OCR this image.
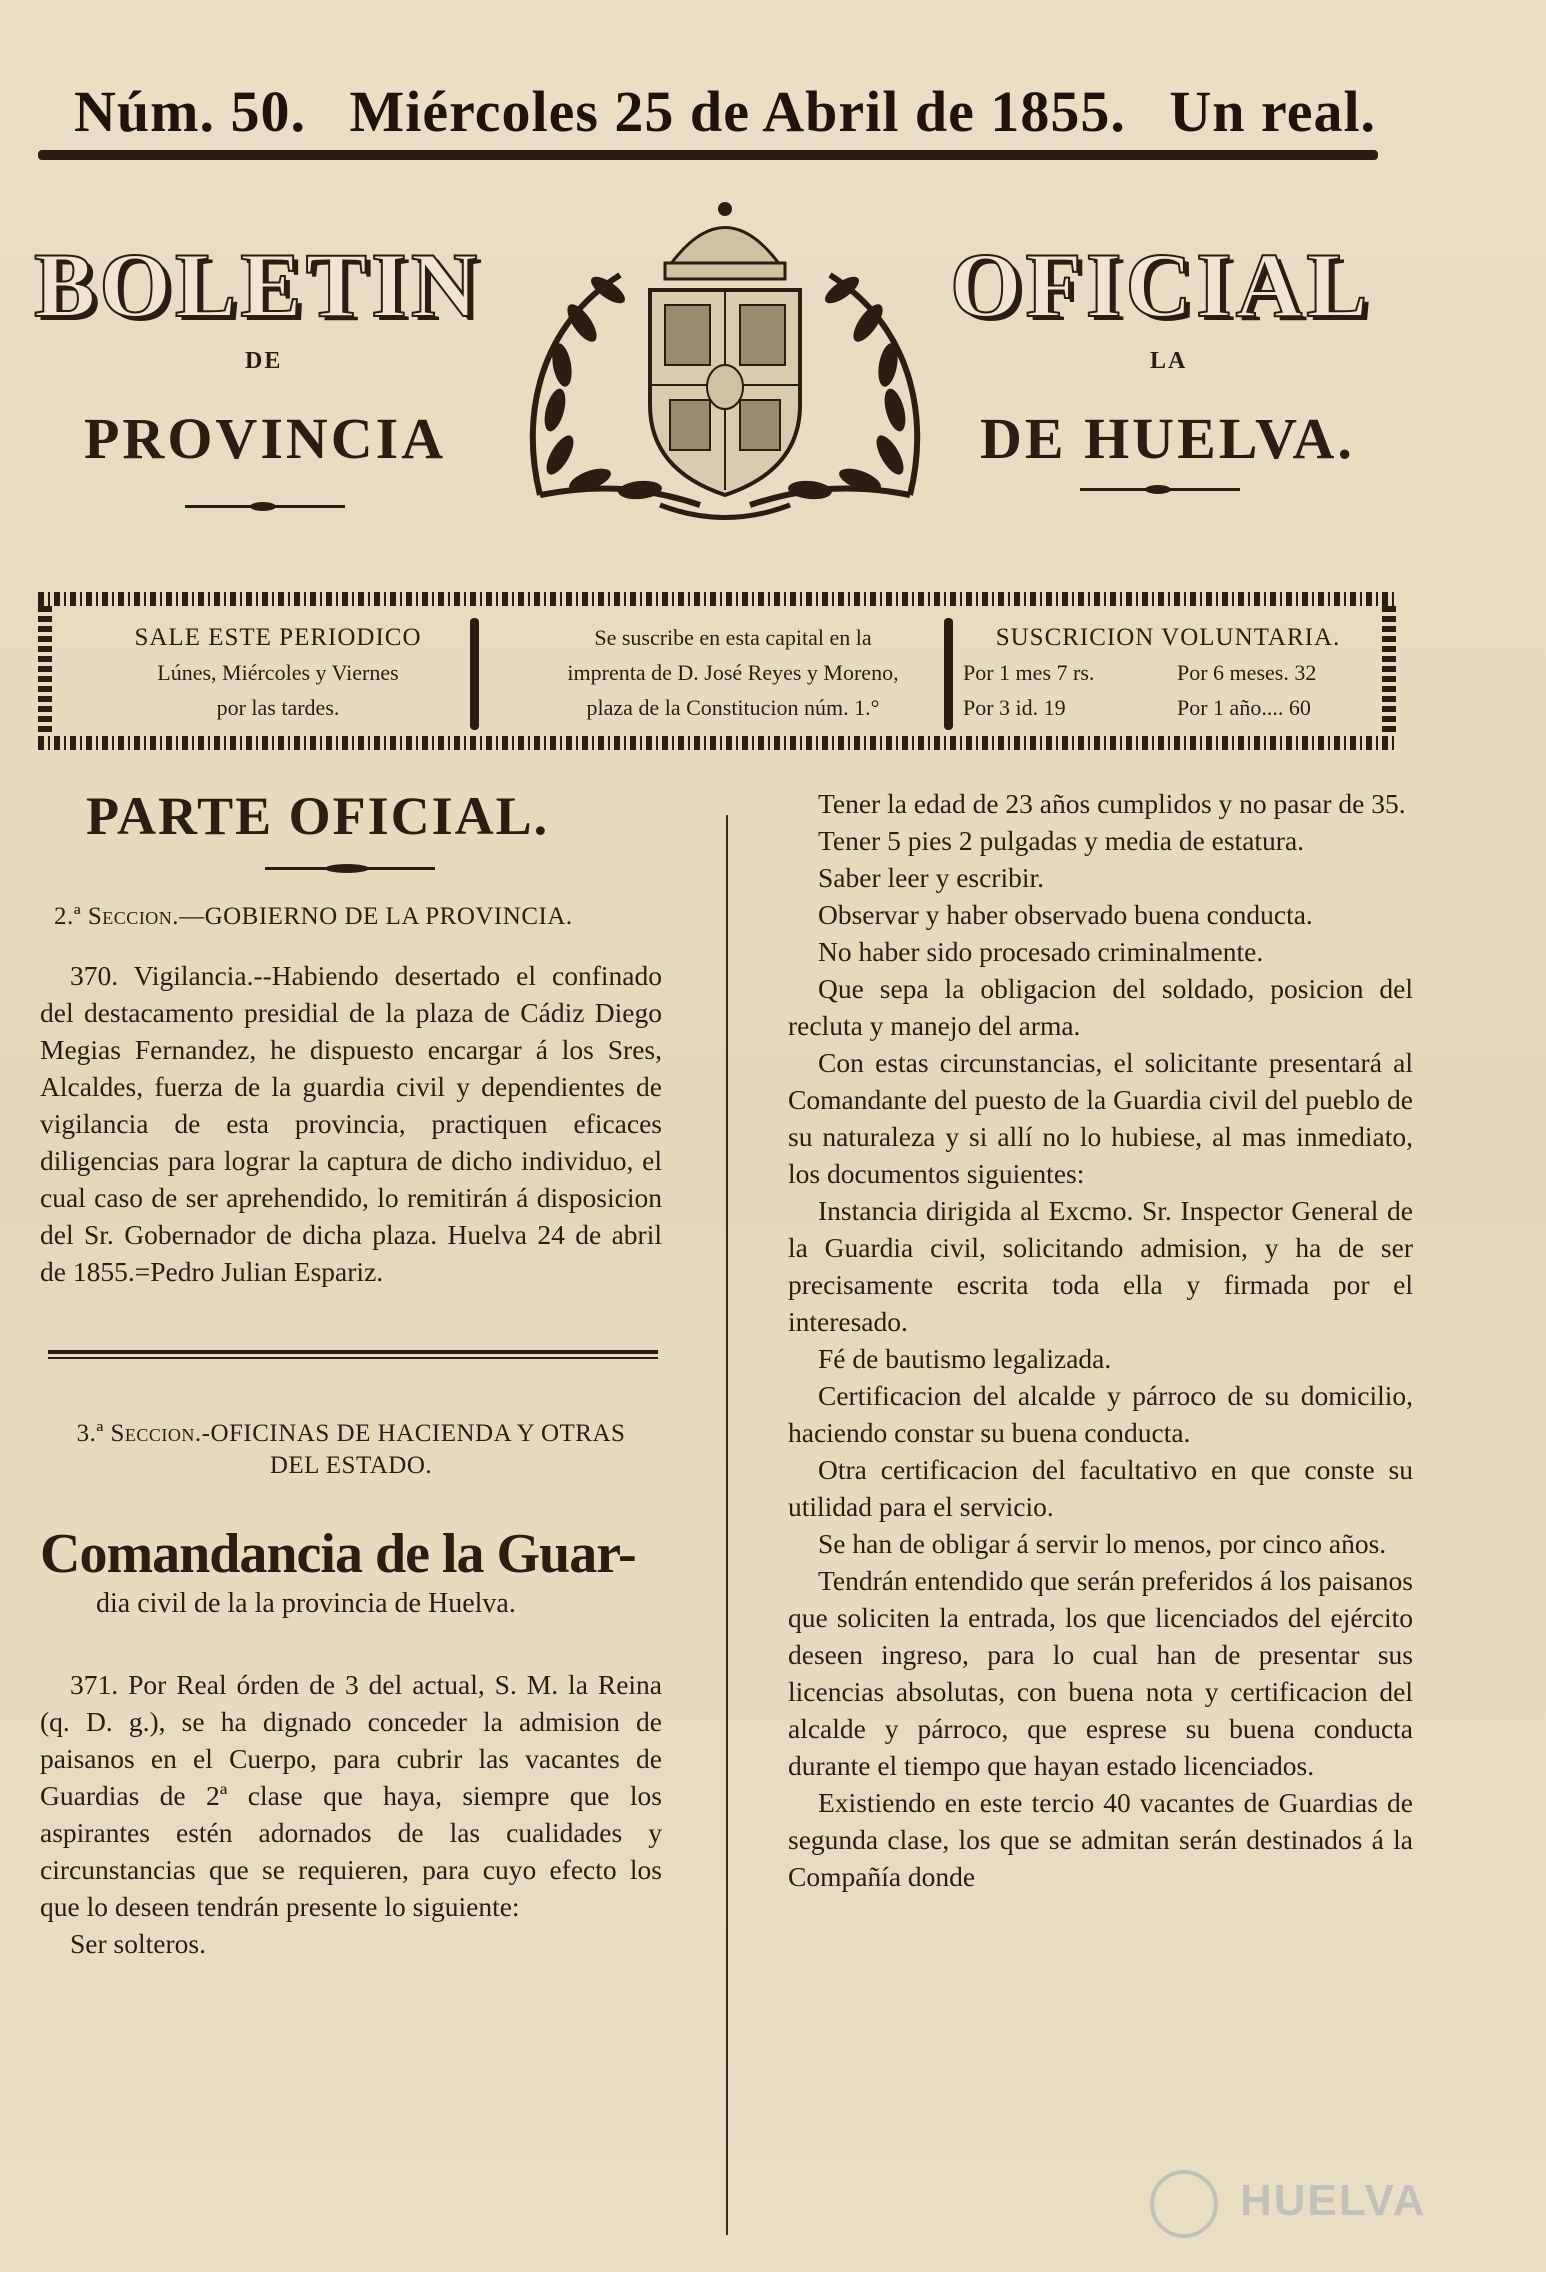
Núm. 50. Miércoles 25 de Abril de 1855. Un real.
BOLETIN	OFICIAL
DE	LA
PROVINCIA	DE HUELVA.
SALE ESTE PERIODICO
Lúnes, Miércoles y Viernes
por las tardes.
Se suscribe en esta capital en la
imprenta de D. José Reyes y Moreno,
plaza de la Constitucion núm. 1.°
SUSCRICION VOLUNTARIA.
Por 1 mes 7 rs.	Por 6 meses. 32
Por 3 id. 19	Por 1 año.... 60
PARTE OFICIAL.
2.ª Seccion.—GOBIERNO DE LA PROVINCIA.

370. Vigilancia.--Habiendo desertado el confinado del destacamento presidial de la plaza de Cádiz Diego Megias Fernandez, he dispuesto encargar á los Sres, Alcaldes, fuerza de la guardia civil y dependientes de vigilancia de esta provincia, practiquen eficaces diligencias para lograr la captura de dicho individuo, el cual caso de ser aprehendido, lo remitirán á disposicion del Sr. Gobernador de dicha plaza. Huelva 24 de abril de 1855.=Pedro Julian Espariz.

3.ª Seccion.-OFICINAS DE HACIENDA Y OTRAS DEL ESTADO.
Comandancia de la Guar-
dia civil de la la provincia de Huelva.

371. Por Real órden de 3 del actual, S. M. la Reina (q. D. g.), se ha dignado conceder la admision de paisanos en el Cuerpo, para cubrir las vacantes de Guardias de 2ª clase que haya, siempre que los aspirantes estén adornados de las cualidades y circunstancias que se requieren, para cuyo efecto los que lo deseen tendrán presente lo siguiente:

Ser solteros.

Tener la edad de 23 años cumplidos y no pasar de 35.

Tener 5 pies 2 pulgadas y media de estatura.

Saber leer y escribir.

Observar y haber observado buena conducta.

No haber sido procesado criminalmente.

Que sepa la obligacion del soldado, posicion del recluta y manejo del arma.

Con estas circunstancias, el solicitante presentará al Comandante del puesto de la Guardia civil del pueblo de su naturaleza y si allí no lo hubiese, al mas inmediato, los documentos siguientes:

Instancia dirigida al Excmo. Sr. Inspector General de la Guardia civil, solicitando admision, y ha de ser precisamente escrita toda ella y firmada por el interesado.

Fé de bautismo legalizada.

Certificacion del alcalde y párroco de su domicilio, haciendo constar su buena conducta.

Otra certificacion del facultativo en que conste su utilidad para el servicio.

Se han de obligar á servir lo menos, por cinco años.

Tendrán entendido que serán preferidos á los paisanos que soliciten la entrada, los que licenciados del ejército deseen ingreso, para lo cual han de presentar sus licencias absolutas, con buena nota y certificacion del alcalde y párroco, que esprese su buena conducta durante el tiempo que hayan estado licenciados.

Existiendo en este tercio 40 vacantes de Guardias de segunda clase, los que se admitan serán destinados á la Compañía donde

HUELVA
